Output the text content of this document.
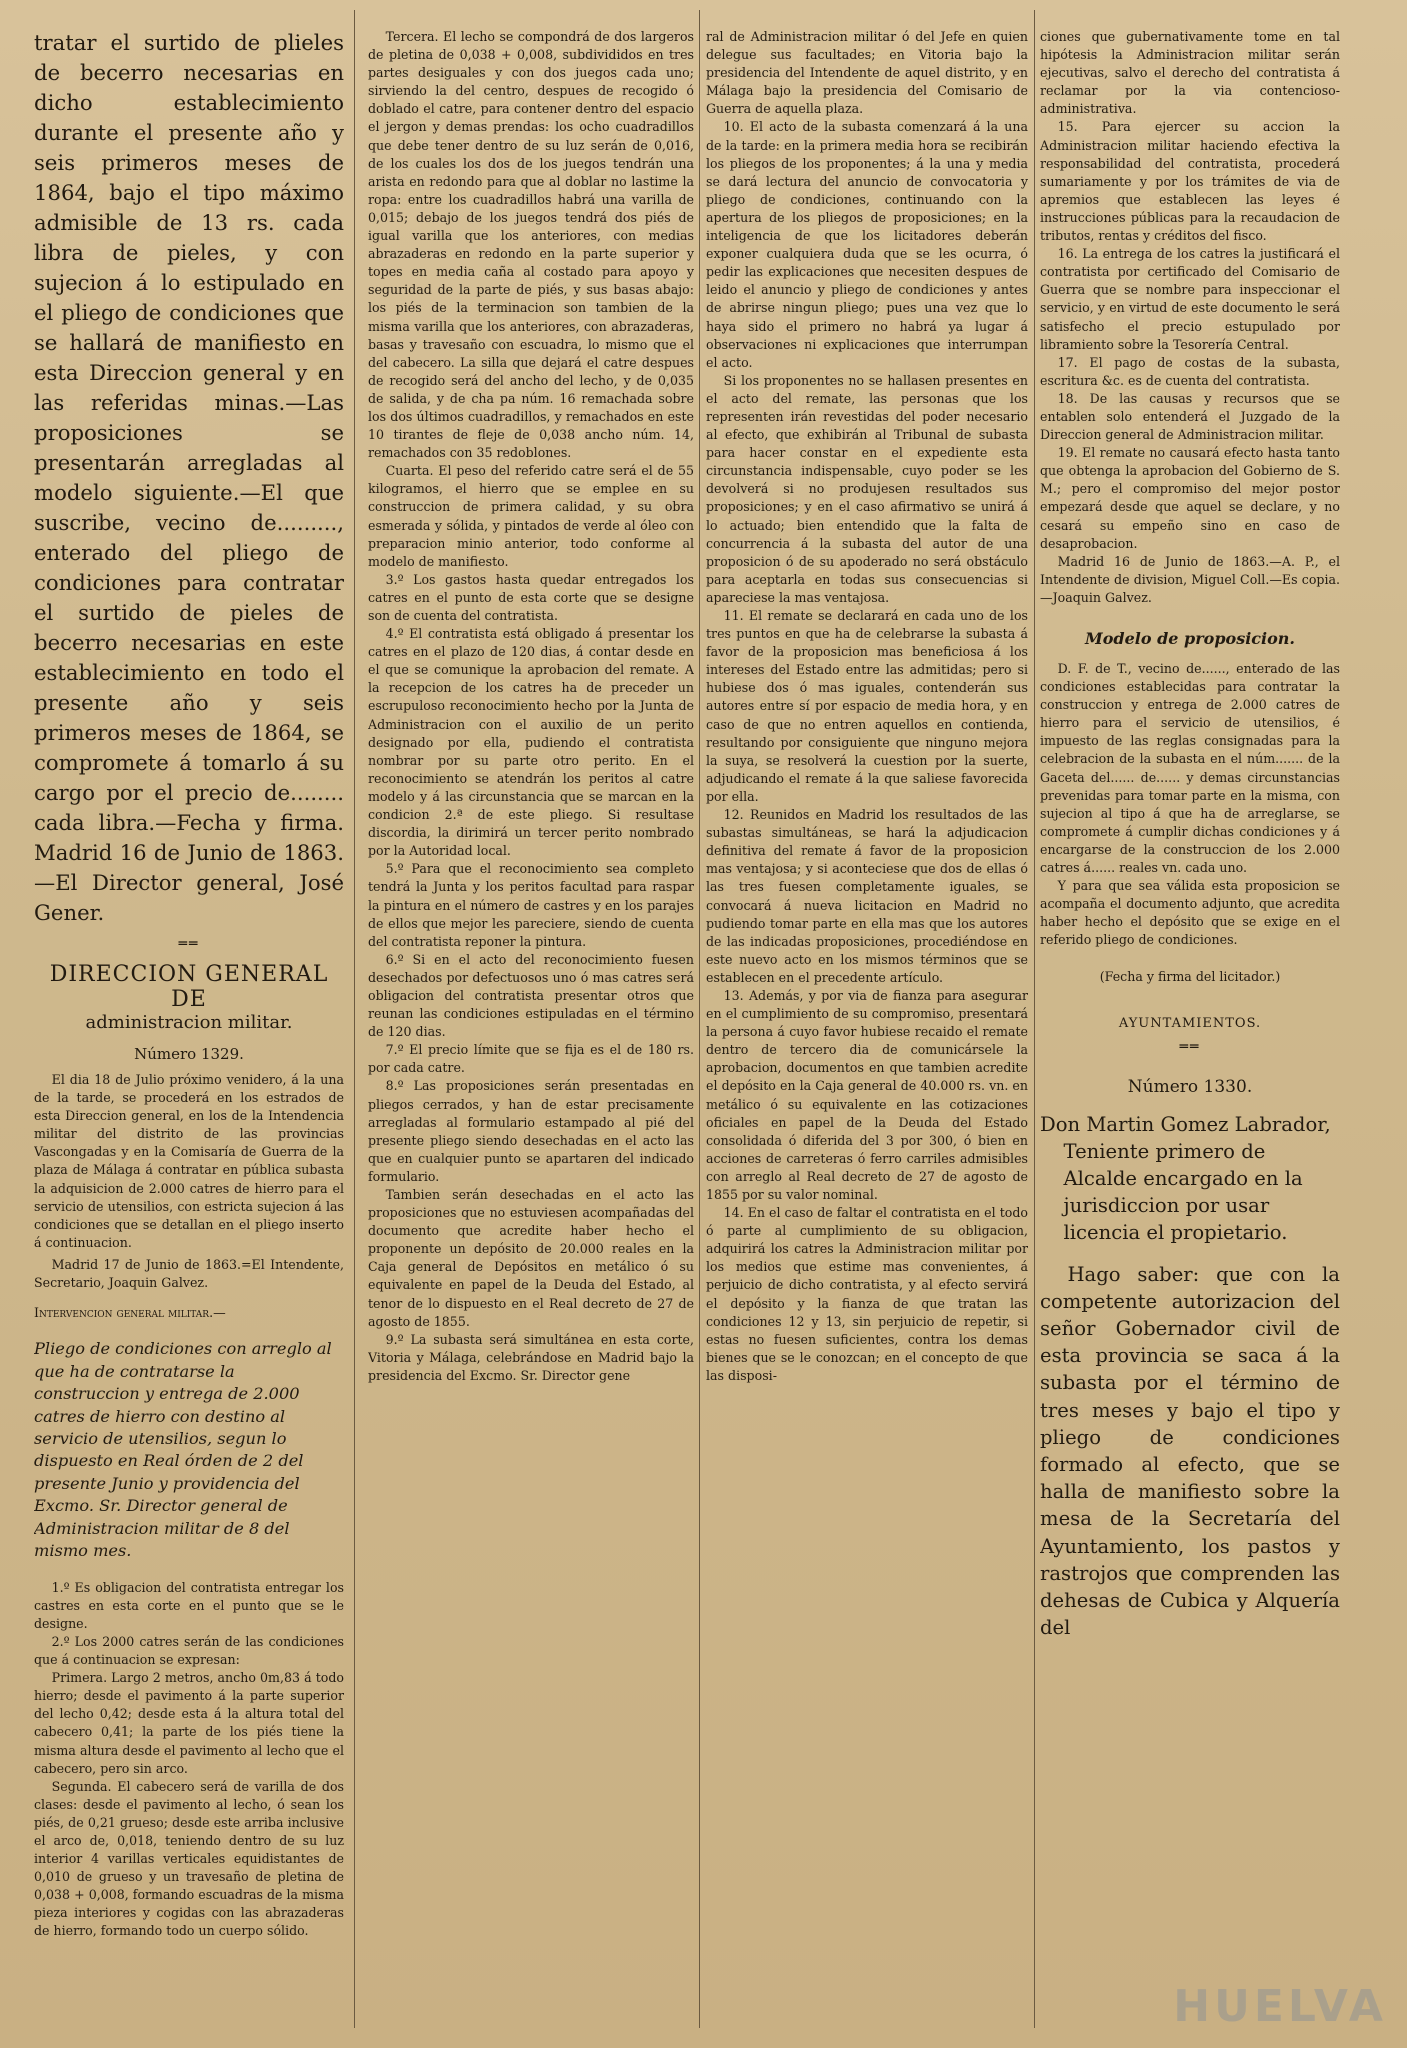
tratar el surtido de plieles de becerro necesarias en dicho establecimiento durante el presente año y seis primeros meses de 1864, bajo el tipo máximo admisible de 13 rs. cada libra de pieles, y con sujecion á lo estipulado en el pliego de condiciones que se hallará de manifiesto en esta Direccion general y en las referidas minas.—Las proposiciones se presentarán arregladas al modelo siguiente.—El que suscribe, vecino de........., enterado del pliego de condiciones para contratar el surtido de pieles de becerro necesarias en este establecimiento en todo el presente año y seis primeros meses de 1864, se compromete á tomarlo á su cargo por el precio de........ cada libra.—Fecha y firma. Madrid 16 de Junio de 1863. —El Director general, José Gener.

══
DIRECCION GENERAL DE
administracion militar.
Número 1329.

El dia 18 de Julio próximo venidero, á la una de la tarde, se procederá en los estrados de esta Direccion general, en los de la Intendencia militar del distrito de las provincias Vascongadas y en la Comisaría de Guerra de la plaza de Málaga á contratar en pública subasta la adquisicion de 2.000 catres de hierro para el servicio de utensilios, con estricta sujecion á las condiciones que se detallan en el pliego inserto á continuacion.

Madrid 17 de Junio de 1863.=El Intendente, Secretario, Joaquin Galvez.

Intervencion general militar.—

Pliego de condiciones con arreglo al que ha de contratarse la construccion y entrega de 2.000 catres de hierro con destino al servicio de utensilios, segun lo dispuesto en Real órden de 2 del presente Junio y providencia del Excmo. Sr. Director general de Administracion militar de 8 del mismo mes.

1.º Es obligacion del contratista entregar los castres en esta corte en el punto que se le designe.

2.º Los 2000 catres serán de las condiciones que á continuacion se expresan:

Primera. Largo 2 metros, ancho 0m,83 á todo hierro; desde el pavimento á la parte superior del lecho 0,42; desde esta á la altura total del cabecero 0,41; la parte de los piés tiene la misma altura desde el pavimento al lecho que el cabecero, pero sin arco.

Segunda. El cabecero será de varilla de dos clases: desde el pavimento al lecho, ó sean los piés, de 0,21 grueso; desde este arriba inclusive el arco de, 0,018, teniendo dentro de su luz interior 4 varillas verticales equidistantes de 0,010 de grueso y un travesaño de pletina de 0,038 + 0,008, formando escuadras de la misma pieza interiores y cogidas con las abrazaderas de hierro, formando todo un cuerpo sólido.

Tercera. El lecho se compondrá de dos largeros de pletina de 0,038 + 0,008, subdivididos en tres partes desiguales y con dos juegos cada uno; sirviendo la del centro, despues de recogido ó doblado el catre, para contener dentro del espacio el jergon y demas prendas: los ocho cuadradillos que debe tener dentro de su luz serán de 0,016, de los cuales los dos de los juegos tendrán una arista en redondo para que al doblar no lastime la ropa: entre los cuadradillos habrá una varilla de 0,015; debajo de los juegos tendrá dos piés de igual varilla que los anteriores, con medias abrazaderas en redondo en la parte superior y topes en media caña al costado para apoyo y seguridad de la parte de piés, y sus basas abajo: los piés de la terminacion son tambien de la misma varilla que los anteriores, con abrazaderas, basas y travesaño con escuadra, lo mismo que el del cabecero. La silla que dejará el catre despues de recogido será del ancho del lecho, y de 0,035 de salida, y de cha pa núm. 16 remachada sobre los dos últimos cuadradillos, y remachados en este 10 tirantes de fleje de 0,038 ancho núm. 14, remachados con 35 redoblones.

Cuarta. El peso del referido catre será el de 55 kilogramos, el hierro que se emplee en su construccion de primera calidad, y su obra esmerada y sólida, y pintados de verde al óleo con preparacion minio anterior, todo conforme al modelo de manifiesto.

3.º Los gastos hasta quedar entregados los catres en el punto de esta corte que se designe son de cuenta del contratista.

4.º El contratista está obligado á presentar los catres en el plazo de 120 dias, á contar desde en el que se comunique la aprobacion del remate. A la recepcion de los catres ha de preceder un escrupuloso reconocimiento hecho por la Junta de Administracion con el auxilio de un perito designado por ella, pudiendo el contratista nombrar por su parte otro perito. En el reconocimiento se atendrán los peritos al catre modelo y á las circunstancia que se marcan en la condicion 2.ª de este pliego. Si resultase discordia, la dirimirá un tercer perito nombrado por la Autoridad local.

5.º Para que el reconocimiento sea completo tendrá la Junta y los peritos facultad para raspar la pintura en el número de castres y en los parajes de ellos que mejor les pareciere, siendo de cuenta del contratista reponer la pintura.

6.º Si en el acto del reconocimiento fuesen desechados por defectuosos uno ó mas catres será obligacion del contratista presentar otros que reunan las condiciones estipuladas en el término de 120 dias.

7.º El precio límite que se fija es el de 180 rs. por cada catre.

8.º Las proposiciones serán presentadas en pliegos cerrados, y han de estar precisamente arregladas al formulario estampado al pié del presente pliego siendo desechadas en el acto las que en cualquier punto se apartaren del indicado formulario.

Tambien serán desechadas en el acto las proposiciones que no estuviesen acompañadas del documento que acredite haber hecho el proponente un depósito de 20.000 reales en la Caja general de Depósitos en metálico ó su equivalente en papel de la Deuda del Estado, al tenor de lo dispuesto en el Real decreto de 27 de agosto de 1855.

9.º La subasta será simultánea en esta corte, Vitoria y Málaga, celebrándose en Madrid bajo la presidencia del Excmo. Sr. Director gene

ral de Administracion militar ó del Jefe en quien delegue sus facultades; en Vitoria bajo la presidencia del Intendente de aquel distrito, y en Málaga bajo la presidencia del Comisario de Guerra de aquella plaza.

10. El acto de la subasta comenzará á la una de la tarde: en la primera media hora se recibirán los pliegos de los proponentes; á la una y media se dará lectura del anuncio de convocatoria y pliego de condiciones, continuando con la apertura de los pliegos de proposiciones; en la inteligencia de que los licitadores deberán exponer cualquiera duda que se les ocurra, ó pedir las explicaciones que necesiten despues de leido el anuncio y pliego de condiciones y antes de abrirse ningun pliego; pues una vez que lo haya sido el primero no habrá ya lugar á observaciones ni explicaciones que interrumpan el acto.

Si los proponentes no se hallasen presentes en el acto del remate, las personas que los representen irán revestidas del poder necesario al efecto, que exhibirán al Tribunal de subasta para hacer constar en el expediente esta circunstancia indispensable, cuyo poder se les devolverá si no produjesen resultados sus proposiciones; y en el caso afirmativo se unirá á lo actuado; bien entendido que la falta de concurrencia á la subasta del autor de una proposicion ó de su apoderado no será obstáculo para aceptarla en todas sus consecuencias si apareciese la mas ventajosa.

11. El remate se declarará en cada uno de los tres puntos en que ha de celebrarse la subasta á favor de la proposicion mas beneficiosa á los intereses del Estado entre las admitidas; pero si hubiese dos ó mas iguales, contenderán sus autores entre sí por espacio de media hora, y en caso de que no entren aquellos en contienda, resultando por consiguiente que ninguno mejora la suya, se resolverá la cuestion por la suerte, adjudicando el remate á la que saliese favorecida por ella.

12. Reunidos en Madrid los resultados de las subastas simultáneas, se hará la adjudicacion definitiva del remate á favor de la proposicion mas ventajosa; y si aconteciese que dos de ellas ó las tres fuesen completamente iguales, se convocará á nueva licitacion en Madrid no pudiendo tomar parte en ella mas que los autores de las indicadas proposiciones, procediéndose en este nuevo acto en los mismos términos que se establecen en el precedente artículo.

13. Además, y por via de fianza para asegurar en el cumplimiento de su compromiso, presentará la persona á cuyo favor hubiese recaido el remate dentro de tercero dia de comunicársele la aprobacion, documentos en que tambien acredite el depósito en la Caja general de 40.000 rs. vn. en metálico ó su equivalente en las cotizaciones oficiales en papel de la Deuda del Estado consolidada ó diferida del 3 por 300, ó bien en acciones de carreteras ó ferro carriles admisibles con arreglo al Real decreto de 27 de agosto de 1855 por su valor nominal.

14. En el caso de faltar el contratista en el todo ó parte al cumplimiento de su obligacion, adquirirá los catres la Administracion militar por los medios que estime mas convenientes, á perjuicio de dicho contratista, y al efecto servirá el depósito y la fianza de que tratan las condiciones 12 y 13, sin perjuicio de repetir, si estas no fuesen suficientes, contra los demas bienes que se le conozcan; en el concepto de que las disposi-

ciones que gubernativamente tome en tal hipótesis la Administracion militar serán ejecutivas, salvo el derecho del contratista á reclamar por la via contencioso-administrativa.

15. Para ejercer su accion la Administracion militar haciendo efectiva la responsabilidad del contratista, procederá sumariamente y por los trámites de via de apremios que establecen las leyes é instrucciones públicas para la recaudacion de tributos, rentas y créditos del fisco.

16. La entrega de los catres la justificará el contratista por certificado del Comisario de Guerra que se nombre para inspeccionar el servicio, y en virtud de este documento le será satisfecho el precio estupulado por libramiento sobre la Tesorería Central.

17. El pago de costas de la subasta, escritura &c. es de cuenta del contratista.

18. De las causas y recursos que se entablen solo entenderá el Juzgado de la Direccion general de Administracion militar.

19. El remate no causará efecto hasta tanto que obtenga la aprobacion del Gobierno de S. M.; pero el compromiso del mejor postor empezará desde que aquel se declare, y no cesará su empeño sino en caso de desaprobacion.

Madrid 16 de Junio de 1863.—A. P., el Intendente de division, Miguel Coll.—Es copia.—Joaquin Galvez.

Modelo de proposicion.

D. F. de T., vecino de......, enterado de las condiciones establecidas para contratar la construccion y entrega de 2.000 catres de hierro para el servicio de utensilios, é impuesto de las reglas consignadas para la celebracion de la subasta en el núm....... de la Gaceta del...... de...... y demas circunstancias prevenidas para tomar parte en la misma, con sujecion al tipo á que ha de arreglarse, se compromete á cumplir dichas condiciones y á encargarse de la construccion de los 2.000 catres á...... reales vn. cada uno.

Y para que sea válida esta proposicion se acompaña el documento adjunto, que acredita haber hecho el depósito que se exige en el referido pliego de condiciones.

(Fecha y firma del licitador.)

AYUNTAMIENTOS.
══
Número 1330.

Don Martin Gomez Labrador, Teniente primero de Alcalde encargado en la jurisdiccion por usar licencia el propietario.

Hago saber: que con la competente autorizacion del señor Gobernador civil de esta provincia se saca á la subasta por el término de tres meses y bajo el tipo y pliego de condiciones formado al efecto, que se halla de manifiesto sobre la mesa de la Secretaría del Ayuntamiento, los pastos y rastrojos que comprenden las dehesas de Cubica y Alquería del

HUELVA
